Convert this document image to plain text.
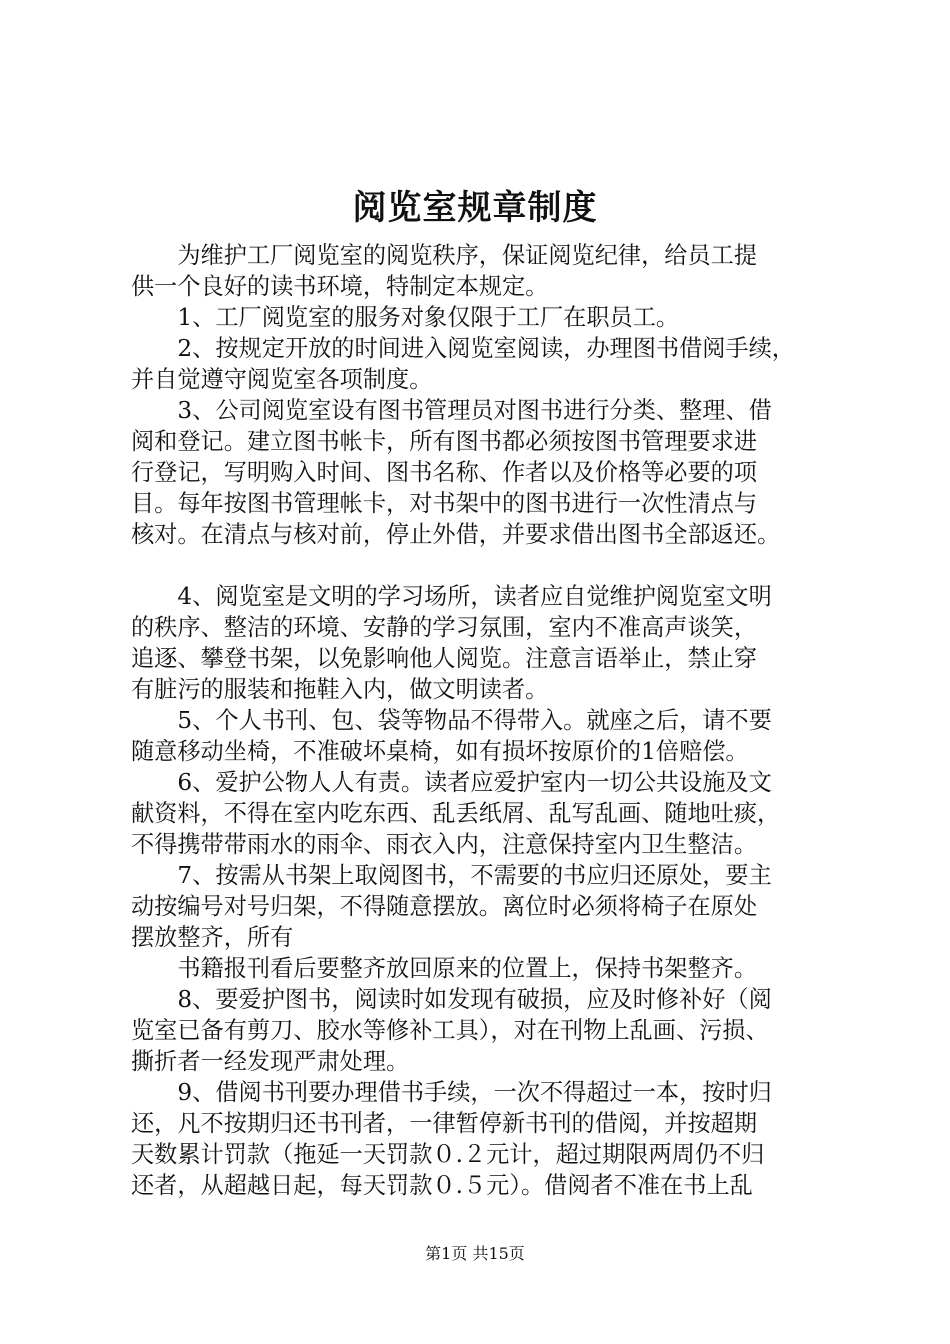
阅览室规章制度
　　为维护工厂阅览室的阅览秩序，保证阅览纪律，给员工提
供一个良好的读书环境，特制定本规定。
　　1、工厂阅览室的服务对象仅限于工厂在职员工。
　　2、按规定开放的时间进入阅览室阅读，办理图书借阅手续，
并自觉遵守阅览室各项制度。
　　3、公司阅览室设有图书管理员对图书进行分类、整理、借
阅和登记。建立图书帐卡，所有图书都必须按图书管理要求进
行登记，写明购入时间、图书名称、作者以及价格等必要的项
目。每年按图书管理帐卡，对书架中的图书进行一次性清点与
核对。在清点与核对前，停止外借，并要求借出图书全部返还。
　　4、阅览室是文明的学习场所，读者应自觉维护阅览室文明
的秩序、整洁的环境、安静的学习氛围，室内不准高声谈笑，
追逐、攀登书架，以免影响他人阅览。注意言语举止，禁止穿
有脏污的服装和拖鞋入内，做文明读者。
　　5、个人书刊、包、袋等物品不得带入。就座之后，请不要
随意移动坐椅，不准破坏桌椅，如有损坏按原价的1倍赔偿。
　　6、爱护公物人人有责。读者应爱护室内一切公共设施及文
献资料，不得在室内吃东西、乱丢纸屑、乱写乱画、随地吐痰，
不得携带带雨水的雨伞、雨衣入内，注意保持室内卫生整洁。
　　7、按需从书架上取阅图书，不需要的书应归还原处，要主
动按编号对号归架，不得随意摆放。离位时必须将椅子在原处
摆放整齐，所有
　　书籍报刊看后要整齐放回原来的位置上，保持书架整齐。
　　8、要爱护图书，阅读时如发现有破损，应及时修补好（阅
览室已备有剪刀、胶水等修补工具），对在刊物上乱画、污损、
撕折者一经发现严肃处理。
　　9、借阅书刊要办理借书手续，一次不得超过一本，按时归
还，凡不按期归还书刊者，一律暂停新书刊的借阅，并按超期
天数累计罚款（拖延一天罚款０.２元计，超过期限两周仍不归
还者，从超越日起，每天罚款０.５元）。借阅者不准在书上乱
第1页 共15页
